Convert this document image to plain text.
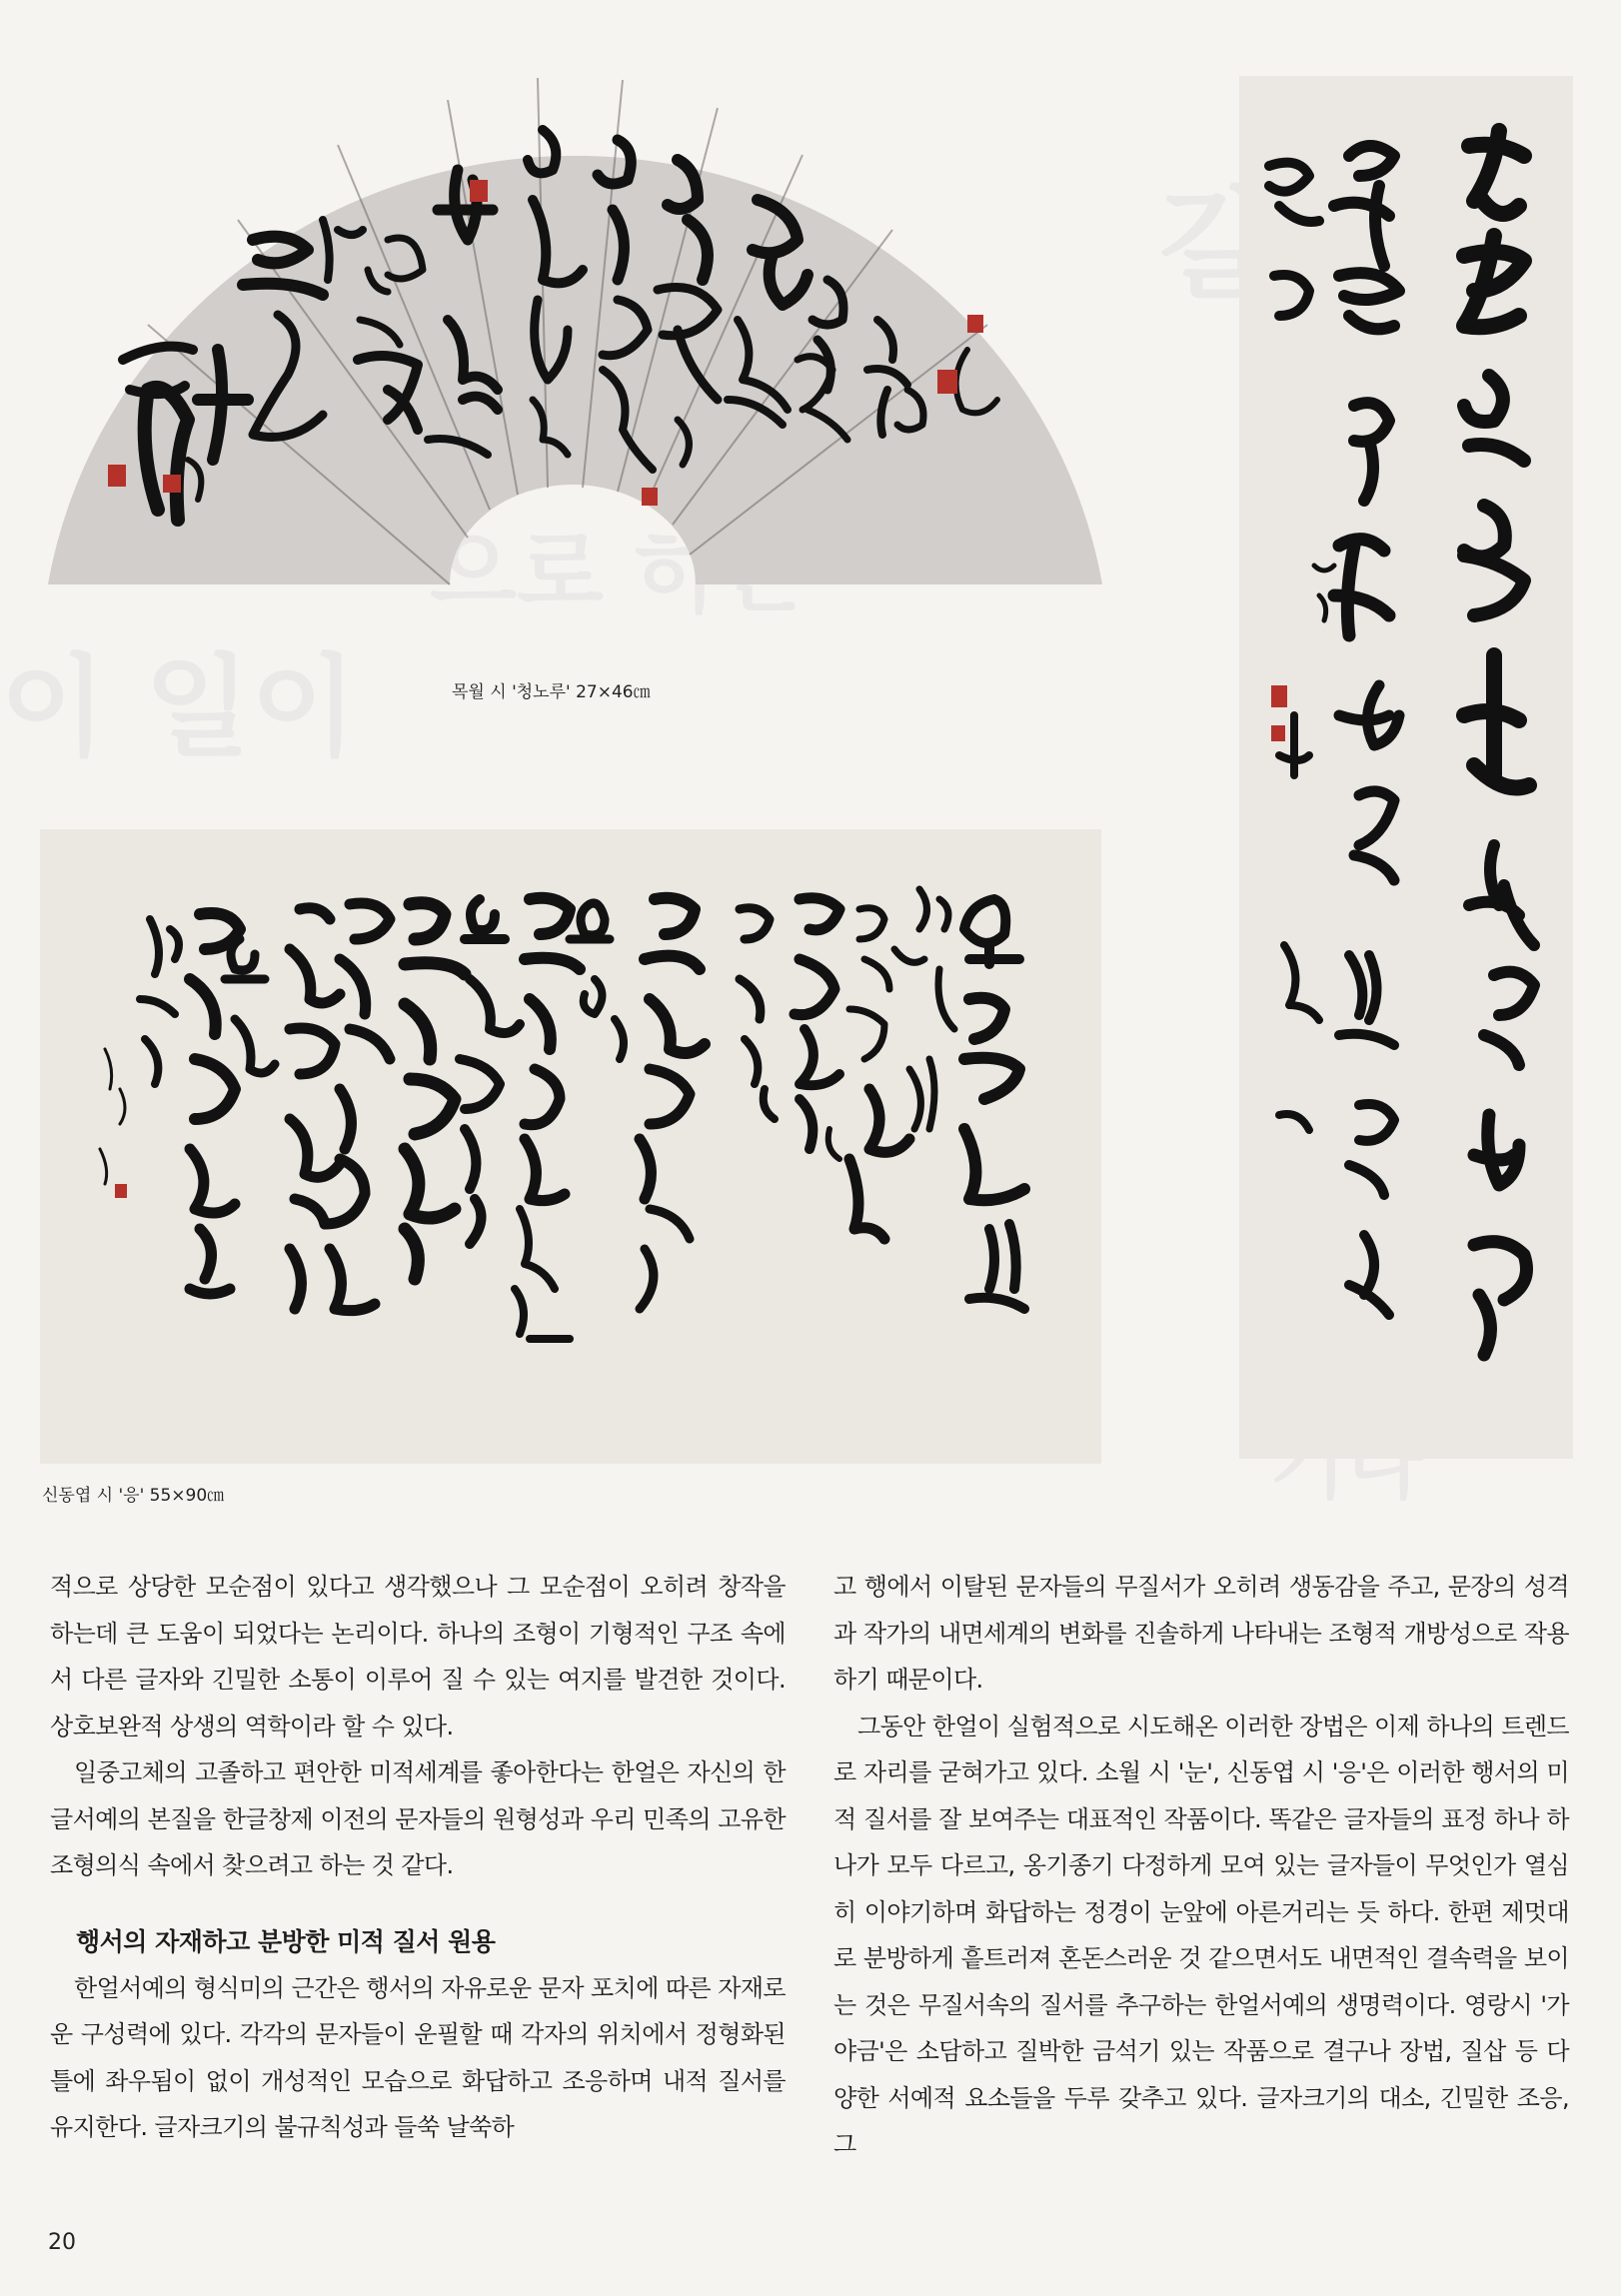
이 일이
으로 하는
기다
목월 시 '청노루' 27×46㎝
신동엽 시 '응' 55×90㎝

적으로 상당한 모순점이 있다고 생각했으나 그 모순점이 오히려 창작을 하는데 큰 도움이 되었다는 논리이다. 하나의 조형이 기형적인 구조 속에서 다른 글자와 긴밀한 소통이 이루어 질 수 있는 여지를 발견한 것이다. 상호보완적 상생의 역학이라 할 수 있다.

일중고체의 고졸하고 편안한 미적세계를 좋아한다는 한얼은 자신의 한글서예의 본질을 한글창제 이전의 문자들의 원형성과 우리 민족의 고유한 조형의식 속에서 찾으려고 하는 것 같다.

행서의 자재하고 분방한 미적 질서 원용

한얼서예의 형식미의 근간은 행서의 자유로운 문자 포치에 따른 자재로운 구성력에 있다. 각각의 문자들이 운필할 때 각자의 위치에서 정형화된 틀에 좌우됨이 없이 개성적인 모습으로 화답하고 조응하며 내적 질서를 유지한다. 글자크기의 불규칙성과 들쑥 날쑥하

고 행에서 이탈된 문자들의 무질서가 오히려 생동감을 주고, 문장의 성격과 작가의 내면세계의 변화를 진솔하게 나타내는 조형적 개방성으로 작용하기 때문이다.

그동안 한얼이 실험적으로 시도해온 이러한 장법은 이제 하나의 트렌드로 자리를 굳혀가고 있다. 소월 시 '눈', 신동엽 시 '응'은 이러한 행서의 미적 질서를 잘 보여주는 대표적인 작품이다. 똑같은 글자들의 표정 하나 하나가 모두 다르고, 옹기종기 다정하게 모여 있는 글자들이 무엇인가 열심히 이야기하며 화답하는 정경이 눈앞에 아른거리는 듯 하다. 한편 제멋대로 분방하게 흩트러져 혼돈스러운 것 같으면서도 내면적인 결속력을 보이는 것은 무질서속의 질서를 추구하는 한얼서예의 생명력이다. 영랑시 '가야금'은 소담하고 질박한 금석기 있는 작품으로 결구나 장법, 질삽 등 다양한 서예적 요소들을 두루 갖추고 있다. 글자크기의 대소, 긴밀한 조응, 그

20
